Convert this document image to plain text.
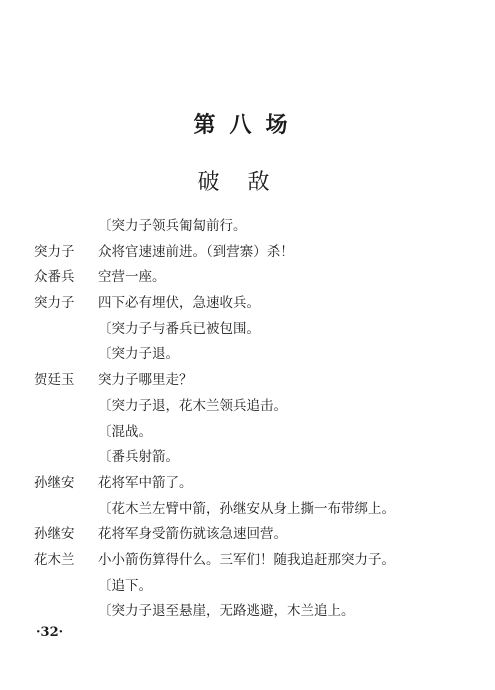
第八场
破敌
〔突力子领兵匍匐前行。
突力子	众将官速速前进。（到营寨）杀！
众番兵	空营一座。
突力子	四下必有埋伏，急速收兵。
〔突力子与番兵已被包围。
〔突力子退。
贺廷玉	突力子哪里走？
〔突力子退，花木兰领兵追击。
〔混战。
〔番兵射箭。
孙继安	花将军中箭了。
〔花木兰左臂中箭，孙继安从身上撕一布带绑上。
孙继安	花将军身受箭伤就该急速回营。
花木兰	小小箭伤算得什么。三军们！随我追赶那突力子。
〔追下。
〔突力子退至悬崖，无路逃避，木兰追上。
·32·
